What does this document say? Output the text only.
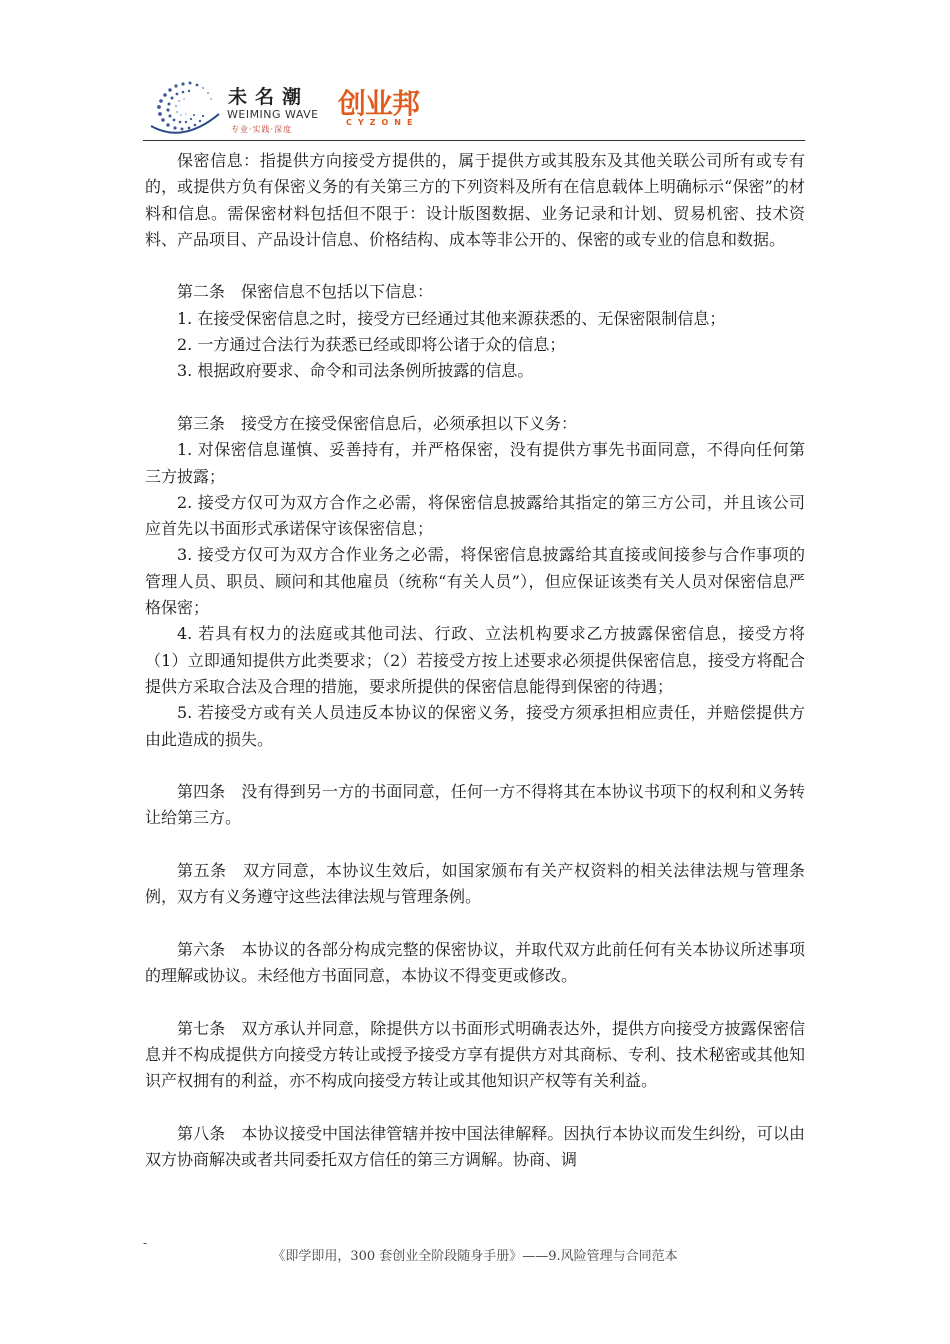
未名潮
WEIMING WAVE
专业·实践·深度
创业邦
CYZONE

保密信息：指提供方向接受方提供的，属于提供方或其股东及其他关联公司所有或专有的，或提供方负有保密义务的有关第三方的下列资料及所有在信息载体上明确标示“保密”的材料和信息。需保密材料包括但不限于：设计版图数据、业务记录和计划、贸易机密、技术资料、产品项目、产品设计信息、价格结构、成本等非公开的、保密的或专业的信息和数据。

第二条　保密信息不包括以下信息：

1. 在接受保密信息之时，接受方已经通过其他来源获悉的、无保密限制信息；

2. 一方通过合法行为获悉已经或即将公诸于众的信息；

3. 根据政府要求、命令和司法条例所披露的信息。

第三条　接受方在接受保密信息后，必须承担以下义务：

1. 对保密信息谨慎、妥善持有，并严格保密，没有提供方事先书面同意，不得向任何第三方披露；

2. 接受方仅可为双方合作之必需，将保密信息披露给其指定的第三方公司，并且该公司应首先以书面形式承诺保守该保密信息；

3. 接受方仅可为双方合作业务之必需，将保密信息披露给其直接或间接参与合作事项的管理人员、职员、顾问和其他雇员（统称“有关人员”），但应保证该类有关人员对保密信息严格保密；

4. 若具有权力的法庭或其他司法、行政、立法机构要求乙方披露保密信息，接受方将（1）立即通知提供方此类要求；（2）若接受方按上述要求必须提供保密信息，接受方将配合提供方采取合法及合理的措施，要求所提供的保密信息能得到保密的待遇；

5. 若接受方或有关人员违反本协议的保密义务，接受方须承担相应责任，并赔偿提供方由此造成的损失。

第四条　没有得到另一方的书面同意，任何一方不得将其在本协议书项下的权利和义务转让给第三方。

第五条　双方同意，本协议生效后，如国家颁布有关产权资料的相关法律法规与管理条例，双方有义务遵守这些法律法规与管理条例。

第六条　本协议的各部分构成完整的保密协议，并取代双方此前任何有关本协议所述事项的理解或协议。未经他方书面同意，本协议不得变更或修改。

第七条　双方承认并同意，除提供方以书面形式明确表达外，提供方向接受方披露保密信息并不构成提供方向接受方转让或授予接受方享有提供方对其商标、专利、技术秘密或其他知识产权拥有的利益，亦不构成向接受方转让或其他知识产权等有关利益。

第八条　本协议接受中国法律管辖并按中国法律解释。因执行本协议而发生纠纷，可以由双方协商解决或者共同委托双方信任的第三方调解。协商、调

-
《即学即用，300 套创业全阶段随身手册》——9.风险管理与合同范本
